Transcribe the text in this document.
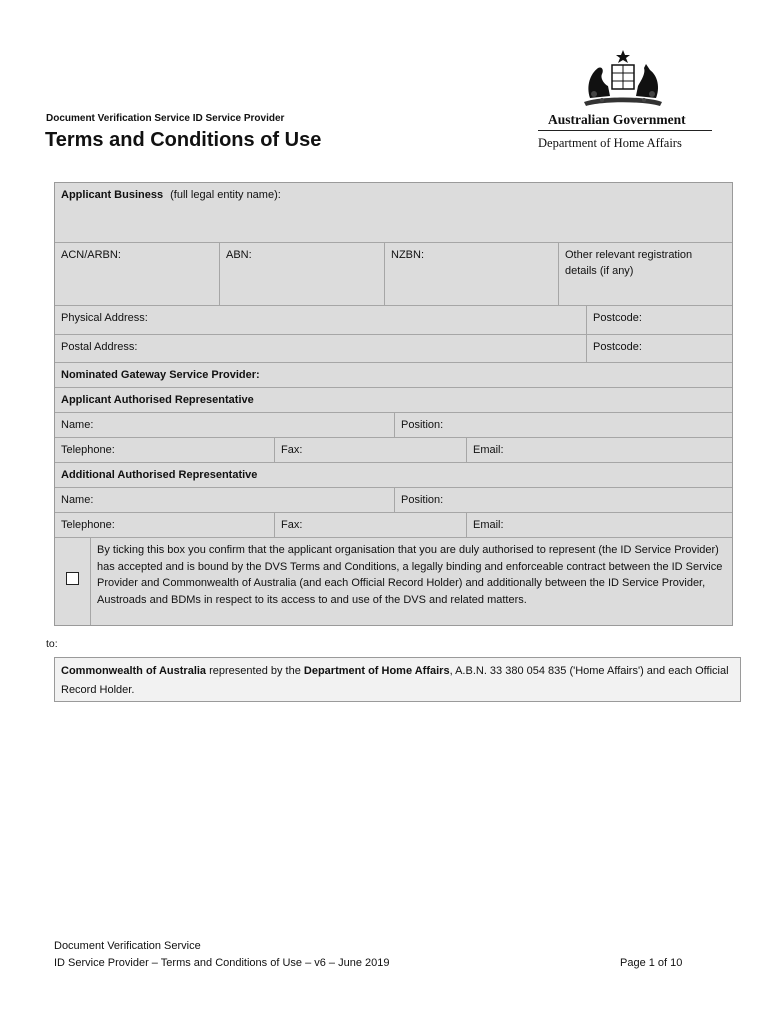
Document Verification Service ID Service Provider
Terms and Conditions of Use
Australian Government
Department of Home Affairs
Applicant Business (full legal entity name):
ACN/ARBN:	ABN:	NZBN:	Other relevant registration details (if any)
Physical Address:	Postcode:
Postal Address:	Postcode:
Nominated Gateway Service Provider:
Applicant Authorised Representative
Name:	Position:
Telephone:	Fax:	Email:
Additional Authorised Representative
Name:	Position:
Telephone:	Fax:	Email:
By ticking this box you confirm that the applicant organisation that you are duly authorised to represent (the ID Service Provider) has accepted and is bound by the DVS Terms and Conditions, a legally binding and enforceable contract between the ID Service Provider and Commonwealth of Australia (and each Official Record Holder) and additionally between the ID Service Provider, Austroads and BDMs in respect to its access to and use of the DVS and related matters.
to:
Commonwealth of Australia represented by the Department of Home Affairs, A.B.N. 33 380 054 835 ('Home Affairs') and each Official Record Holder.
Document Verification Service
ID Service Provider – Terms and Conditions of Use – v6 – June 2019	Page 1 of 10
